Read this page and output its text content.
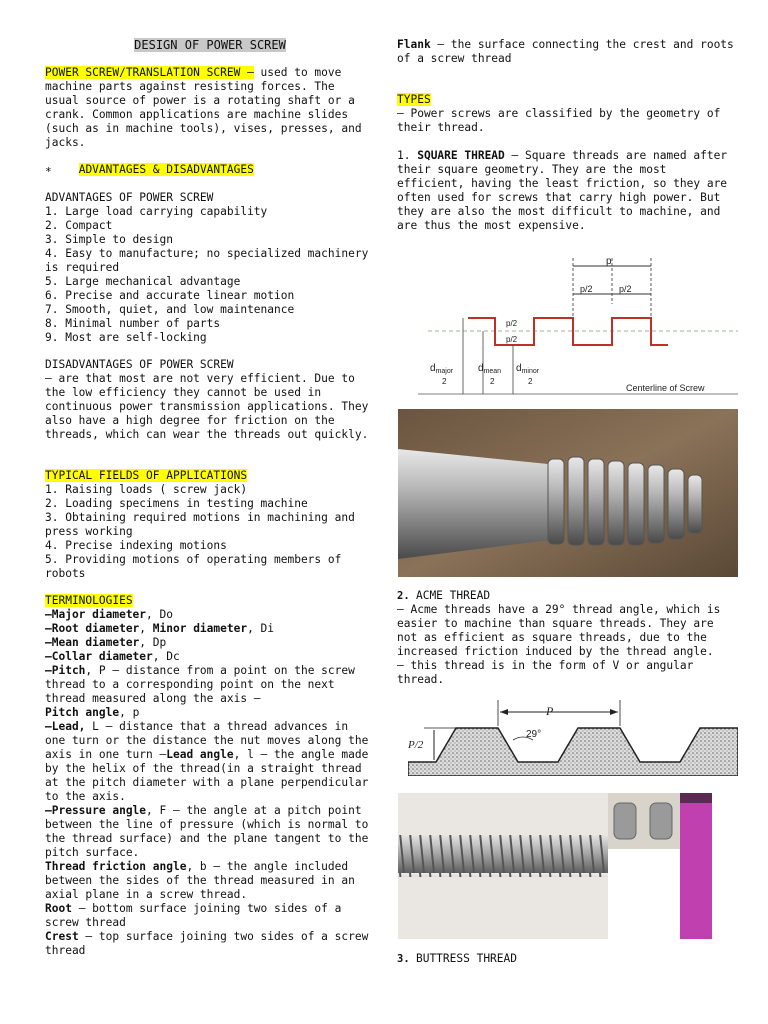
DESIGN OF POWER SCREW

POWER SCREW/TRANSLATION SCREW – used to move machine parts against resisting forces. The usual source of power is a rotating shaft or a crank. Common applications are machine slides (such as in machine tools), vises, presses, and jacks.

∗ ADVANTAGES & DISADVANTAGES

ADVANTAGES OF POWER SCREW

1. Large load carrying capability
2. Compact
3. Simple to design
4. Easy to manufacture; no specialized machinery is required
5. Large mechanical advantage
6. Precise and accurate linear motion
7. Smooth, quiet, and low maintenance
8. Minimal number of parts
9. Most are self-locking

DISADVANTAGES OF POWER SCREW

– are that most are not very efficient. Due to the low efficiency they cannot be used in continuous power transmission applications. They also have a high degree for friction on the threads, which can wear the threads out quickly.

TYPICAL FIELDS OF APPLICATIONS

1. Raising loads ( screw jack)
2. Loading specimens in testing machine
3. Obtaining required motions in machining and press working
4. Precise indexing motions
5. Providing motions of operating members of robots

TERMINOLOGIES

–Major diameter, Do

–Root diameter, Minor diameter, Di

–Mean diameter, Dp

–Collar diameter, Dc

–Pitch, P – distance from a point on the screw thread to a corresponding point on the next thread measured along the axis –

Pitch angle, p

–Lead, L – distance that a thread advances in one turn or the distance the nut moves along the axis in one turn –Lead angle, l – the angle made by the helix of the thread(in a straight thread at the pitch diameter with a plane perpendicular to the axis.

–Pressure angle, F – the angle at a pitch point between the line of pressure (which is normal to the thread surface) and the plane tangent to the pitch surface.

Thread friction angle, b – the angle included between the sides of the thread measured in an axial plane in a screw thread.

Root – bottom surface joining two sides of a screw thread

Crest – top surface joining two sides of a screw thread

Flank – the surface connecting the crest and roots of a screw thread

TYPES

– Power screws are classified by the geometry of their thread.

1. SQUARE THREAD – Square threads are named after their square geometry. They are the most efficient, having the least friction, so they are often used for screws that carry high power. But they are also the most difficult to machine, and are thus the most expensive.

p
p/2	p/2
p/2
p/2
$d_{major}$
2
$d_{mean}$
2
$d_{minor}$
2
Centerline of Screw

2. ACME THREAD

– Acme threads have a 29° thread angle, which is easier to machine than square threads. They are not as efficient as square threads, due to the increased friction induced by the thread angle.

– this thread is in the form of V or angular thread.

P
P/2
29°

3. BUTTRESS THREAD
